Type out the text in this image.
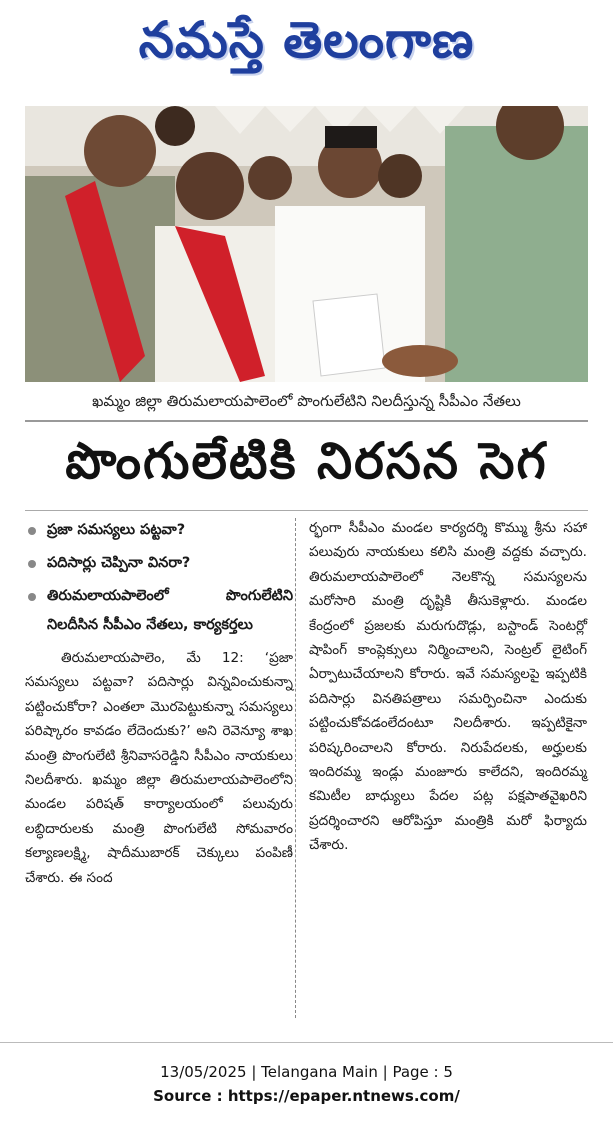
నమస్తే తెలంగాణ
ఖమ్మం జిల్లా తిరుమలాయపాలెంలో పొంగులేటిని నిలదీస్తున్న సీపీఎం నేతలు
పొంగులేటికి నిరసన సెగ
ప్రజా సమస్యలు పట్టవా?
పదిసార్లు చెప్పినా వినరా?
తిరుమలాయపాలెంలో పొంగులేటిని నిలదీసిన సీపీఎం నేతలు, కార్యకర్తలు

తిరుమలాయపాలెం, మే 12: ‘ప్రజా సమస్యలు పట్టవా? పదిసార్లు విన్నవించుకున్నా పట్టించుకోరా? ఎంతలా మొరపెట్టుకున్నా సమస్యలు పరిష్కారం కావడం లేదెందుకు?’ అని రెవెన్యూ శాఖ మంత్రి పొంగులేటి శ్రీనివాసరెడ్డిని సీపీఎం నాయకులు నిలదీశారు. ఖమ్మం జిల్లా తిరుమలాయపాలెంలోని మండల పరిషత్ కార్యాలయంలో పలువురు లబ్ధిదారులకు మంత్రి పొంగులేటి సోమవారం కల్యాణలక్ష్మి, షాదీముబారక్ చెక్కులు పంపిణీ చేశారు. ఈ సంద

ర్భంగా సీపీఎం మండల కార్యదర్శి కొమ్ము శ్రీను సహా పలువురు నాయకులు కలిసి మంత్రి వద్దకు వచ్చారు. తిరుమలాయపాలెంలో నెలకొన్న సమస్యలను మరోసారి మంత్రి దృష్టికి తీసుకెళ్లారు. మండల కేంద్రంలో ప్రజలకు మరుగుదొడ్లు, బస్టాండ్ సెంటర్లో షాపింగ్ కాంప్లెక్సులు నిర్మించాలని, సెంట్రల్ లైటింగ్ ఏర్పాటుచేయాలని కోరారు. ఇవే సమస్యలపై ఇప్పటికి పదిసార్లు వినతిపత్రాలు సమర్పించినా ఎందుకు పట్టించుకోవడంలేదంటూ నిలదీశారు. ఇప్పటికైనా పరిష్కరించాలని కోరారు. నిరుపేదలకు, అర్హులకు ఇందిరమ్మ ఇండ్లు మంజూరు కాలేదని, ఇందిరమ్మ కమిటీల బాధ్యులు పేదల పట్ల పక్షపాతవైఖరిని ప్రదర్శించారని ఆరోపిస్తూ మంత్రికి మరో ఫిర్యాదు చేశారు.

13/05/2025 | Telangana Main | Page : 5
Source : https://epaper.ntnews.com/
